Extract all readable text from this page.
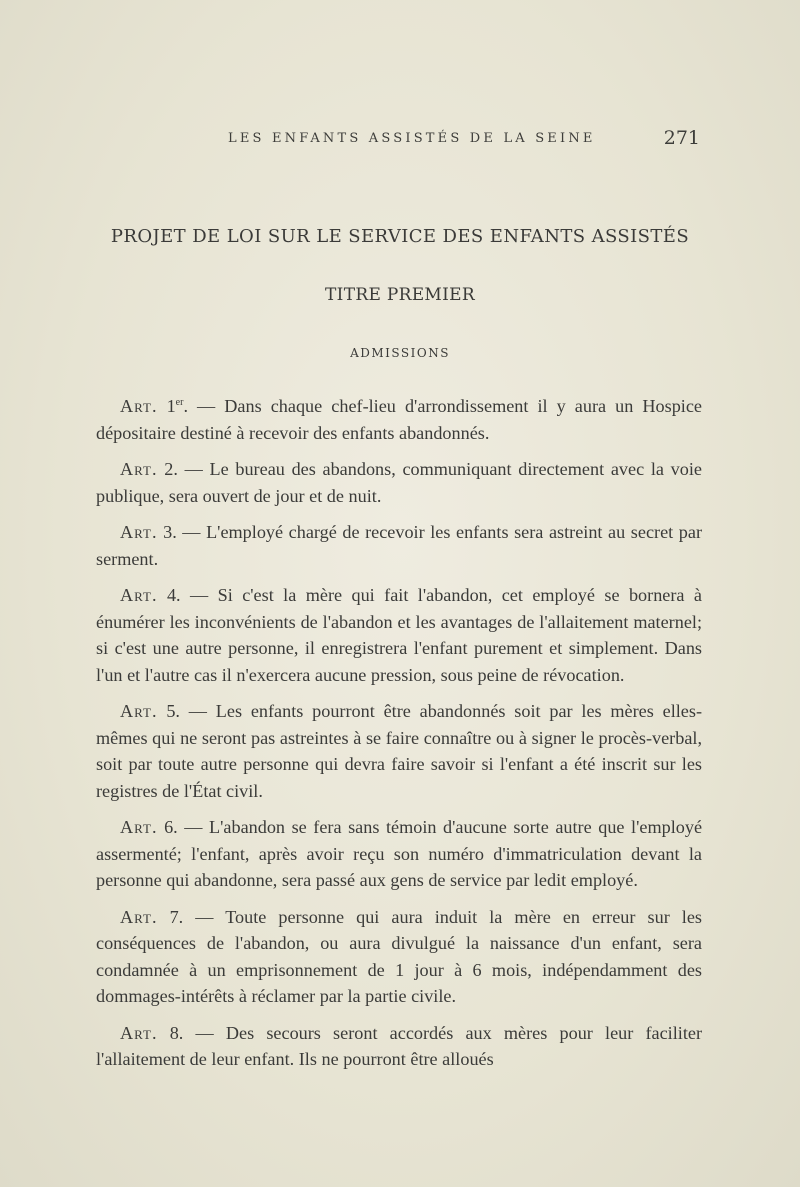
LES ENFANTS ASSISTÉS DE LA SEINE	271
PROJET DE LOI SUR LE SERVICE DES ENFANTS ASSISTÉS
TITRE PREMIER
ADMISSIONS

Art. 1er. — Dans chaque chef-lieu d'arrondissement il y aura un Hospice dépositaire destiné à recevoir des enfants abandonnés.

Art. 2. — Le bureau des abandons, communiquant directement avec la voie publique, sera ouvert de jour et de nuit.

Art. 3. — L'employé chargé de recevoir les enfants sera astreint au secret par serment.

Art. 4. — Si c'est la mère qui fait l'abandon, cet employé se bornera à énumérer les inconvénients de l'abandon et les avantages de l'allaitement maternel; si c'est une autre personne, il enregistrera l'enfant purement et simplement. Dans l'un et l'autre cas il n'exercera aucune pression, sous peine de révocation.

Art. 5. — Les enfants pourront être abandonnés soit par les mères elles-mêmes qui ne seront pas astreintes à se faire connaître ou à signer le procès-verbal, soit par toute autre personne qui devra faire savoir si l'enfant a été inscrit sur les registres de l'État civil.

Art. 6. — L'abandon se fera sans témoin d'aucune sorte autre que l'employé assermenté; l'enfant, après avoir reçu son numéro d'immatriculation devant la personne qui abandonne, sera passé aux gens de service par ledit employé.

Art. 7. — Toute personne qui aura induit la mère en erreur sur les conséquences de l'abandon, ou aura divulgué la naissance d'un enfant, sera condamnée à un emprisonnement de 1 jour à 6 mois, indépendamment des dommages-intérêts à réclamer par la partie civile.

Art. 8. — Des secours seront accordés aux mères pour leur faciliter l'allaitement de leur enfant. Ils ne pourront être alloués
